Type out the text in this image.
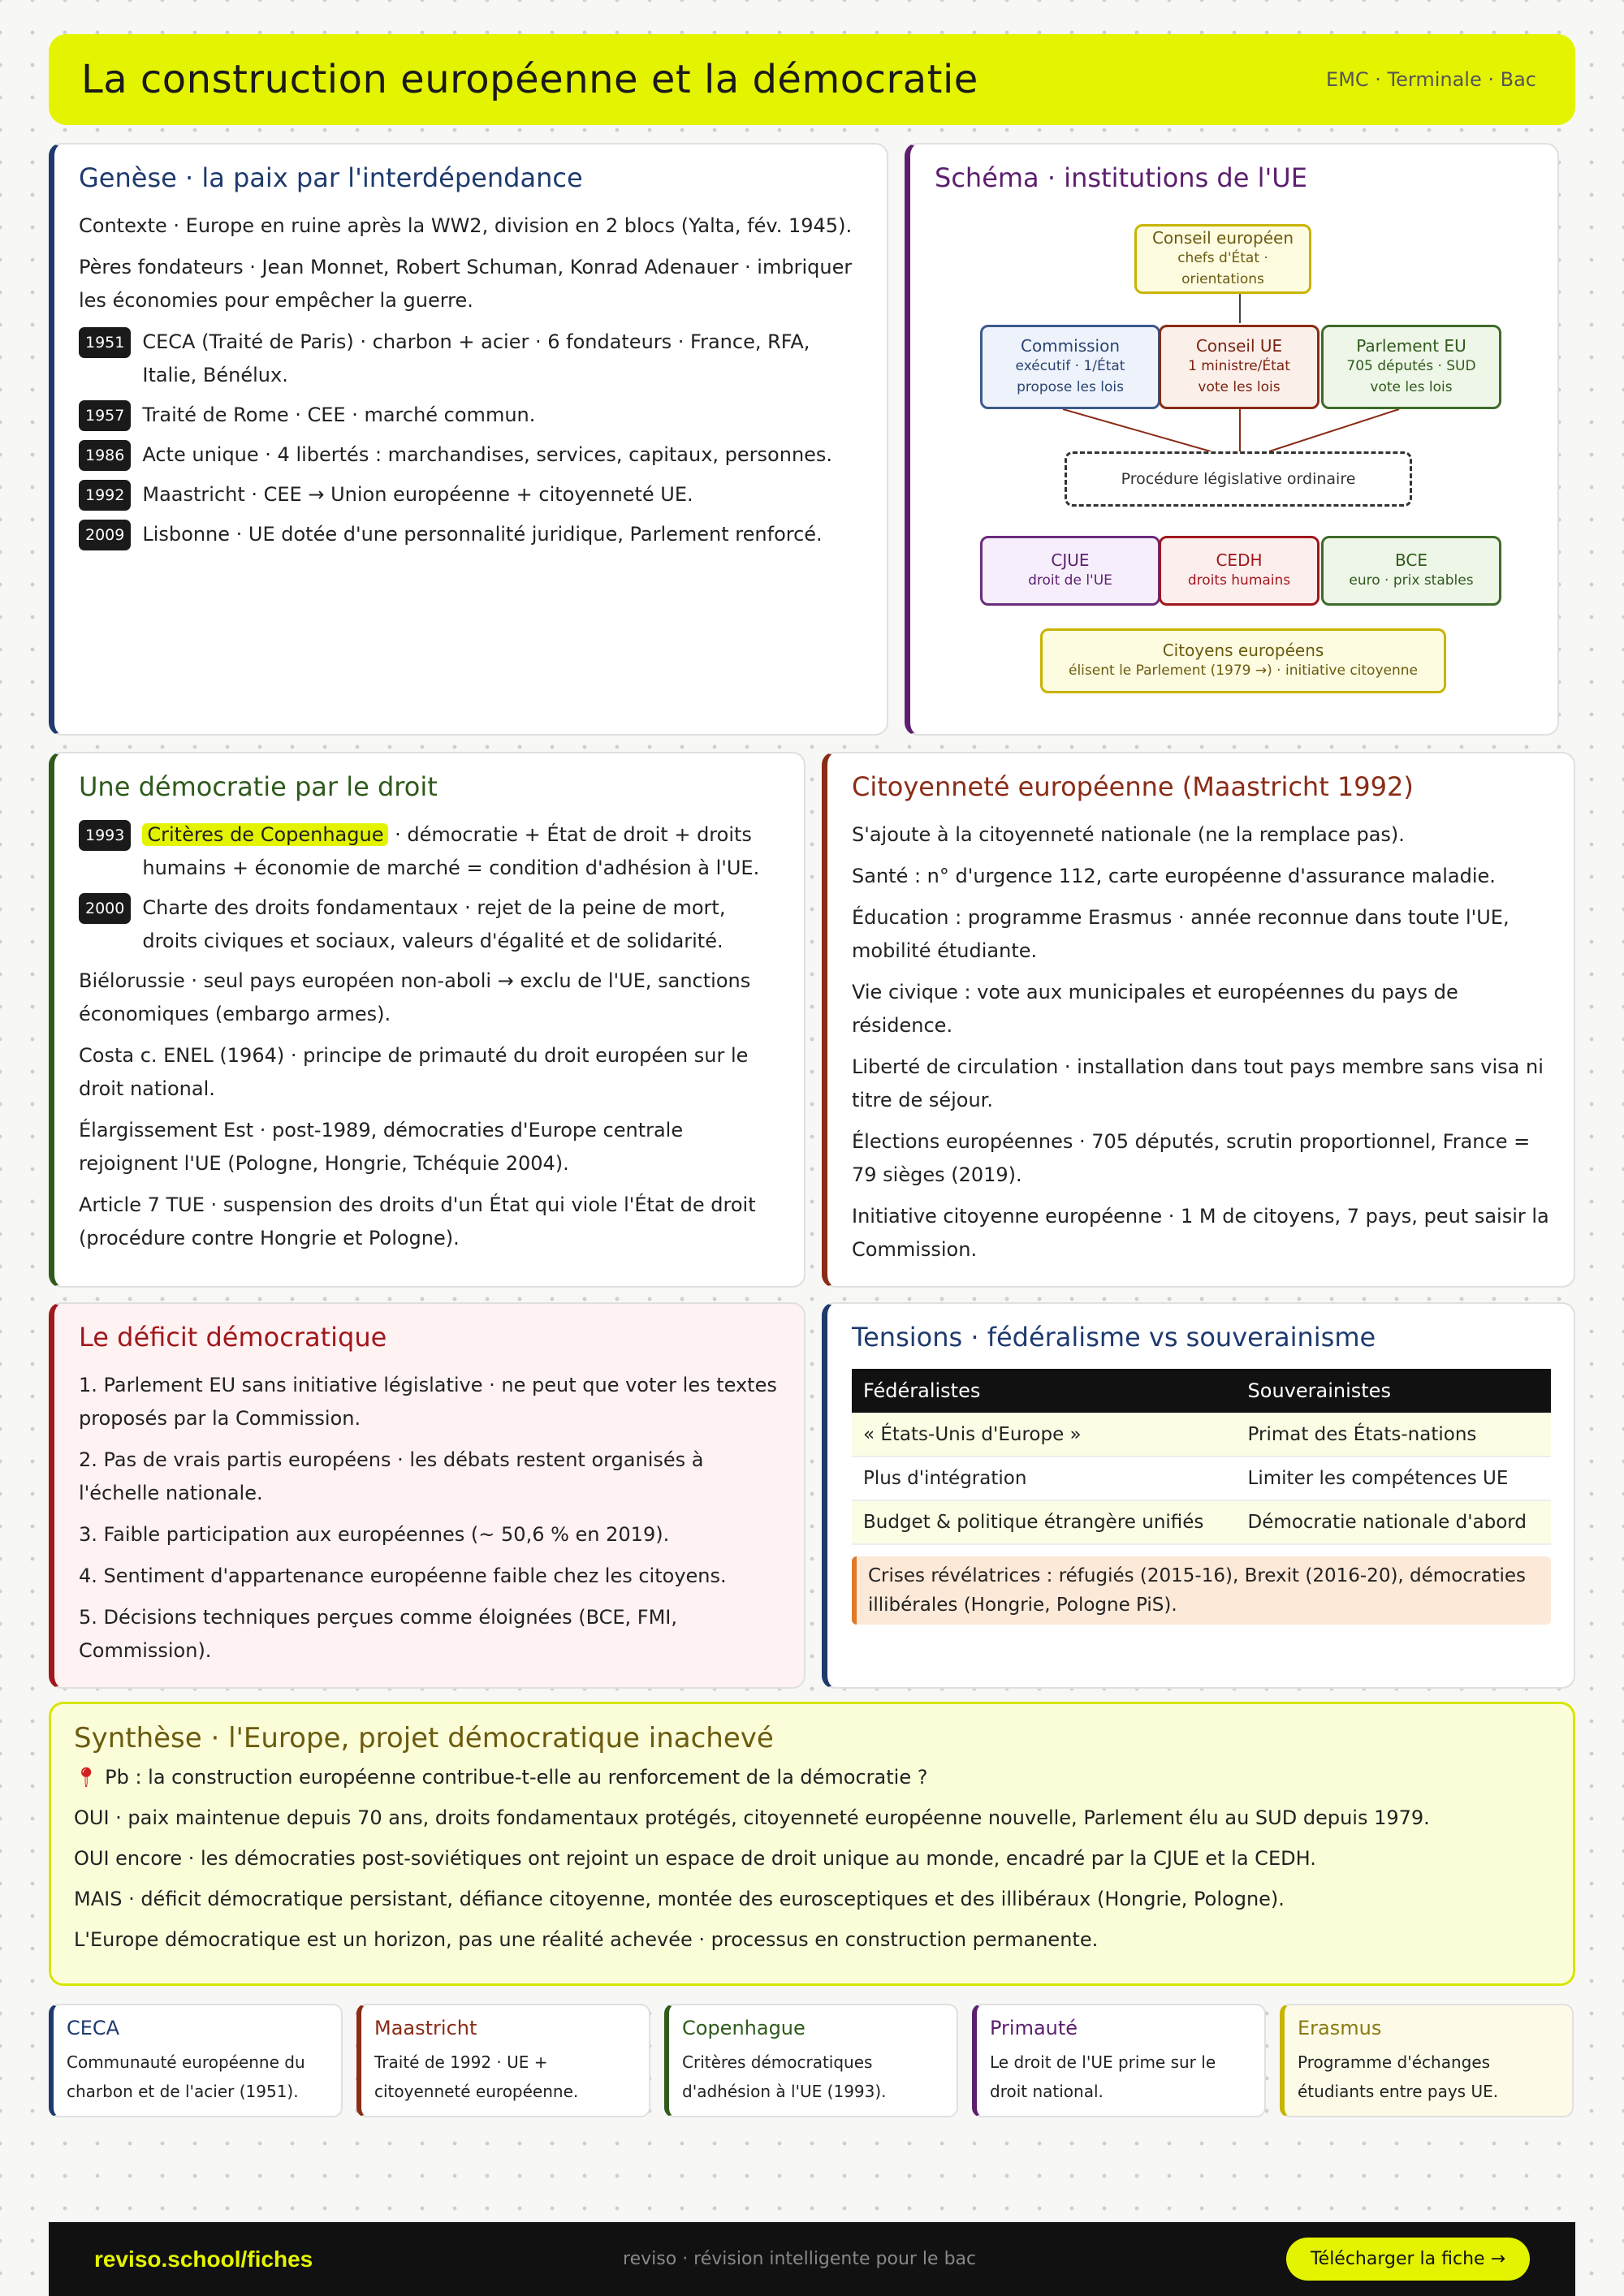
La construction européenne et la démocratie	EMC · Terminale · Bac
Genèse · la paix par l'interdépendance
Contexte · Europe en ruine après la WW2, division en 2 blocs (Yalta, fév. 1945).
Pères fondateurs · Jean Monnet, Robert Schuman, Konrad Adenauer · imbriquer les économies pour empêcher la guerre.
1951 CECA (Traité de Paris) · charbon + acier · 6 fondateurs · France, RFA, Italie, Bénélux.
1957 Traité de Rome · CEE · marché commun.
1986 Acte unique · 4 libertés : marchandises, services, capitaux, personnes.
1992 Maastricht · CEE → Union européenne + citoyenneté UE.
2009 Lisbonne · UE dotée d'une personnalité juridique, Parlement renforcé.
Schéma · institutions de l'UE
Conseil européen
chefs d'État · orientations
Commission
exécutif · 1/État
propose les lois
Conseil UE
1 ministre/État
vote les lois
Parlement EU
705 députés · SUD
vote les lois
Procédure législative ordinaire
CJUE
droit de l'UE
CEDH
droits humains
BCE
euro · prix stables
Citoyens européens
élisent le Parlement (1979 →) · initiative citoyenne
Une démocratie par le droit
1993	Critères de Copenhague · démocratie + État de droit + droits humains + économie de marché = condition d'adhésion à l'UE.
2000 Charte des droits fondamentaux · rejet de la peine de mort, droits civiques et sociaux, valeurs d'égalité et de solidarité.
Biélorussie · seul pays européen non-aboli → exclu de l'UE, sanctions économiques (embargo armes).
Costa c. ENEL (1964) · principe de primauté du droit européen sur le droit national.
Élargissement Est · post-1989, démocraties d'Europe centrale rejoignent l'UE (Pologne, Hongrie, Tchéquie 2004).
Article 7 TUE · suspension des droits d'un État qui viole l'État de droit (procédure contre Hongrie et Pologne).
Citoyenneté européenne (Maastricht 1992)
S'ajoute à la citoyenneté nationale (ne la remplace pas).
Santé : n° d'urgence 112, carte européenne d'assurance maladie.
Éducation : programme Erasmus · année reconnue dans toute l'UE, mobilité étudiante.
Vie civique : vote aux municipales et européennes du pays de résidence.
Liberté de circulation · installation dans tout pays membre sans visa ni titre de séjour.
Élections européennes · 705 députés, scrutin proportionnel, France = 79 sièges (2019).
Initiative citoyenne européenne · 1 M de citoyens, 7 pays, peut saisir la Commission.
Le déficit démocratique
1. Parlement EU sans initiative législative · ne peut que voter les textes proposés par la Commission.
2. Pas de vrais partis européens · les débats restent organisés à l'échelle nationale.
3. Faible participation aux européennes (~ 50,6 % en 2019).
4. Sentiment d'appartenance européenne faible chez les citoyens.
5. Décisions techniques perçues comme éloignées (BCE, FMI, Commission).
Tensions · fédéralisme vs souverainisme
Fédéralistes	Souverainistes
« États-Unis d'Europe »	Primat des États-nations
Plus d'intégration	Limiter les compétences UE
Budget & politique étrangère unifiés	Démocratie nationale d'abord
Crises révélatrices : réfugiés (2015-16), Brexit (2016-20), démocraties illibérales (Hongrie, Pologne PiS).
Synthèse · l'Europe, projet démocratique inachevé
📍︎ Pb : la construction européenne contribue-t-elle au renforcement de la démocratie ?
OUI · paix maintenue depuis 70 ans, droits fondamentaux protégés, citoyenneté européenne nouvelle, Parlement élu au SUD depuis 1979.
OUI encore · les démocraties post-soviétiques ont rejoint un espace de droit unique au monde, encadré par la CJUE et la CEDH.
MAIS · déficit démocratique persistant, défiance citoyenne, montée des eurosceptiques et des illibéraux (Hongrie, Pologne).
L'Europe démocratique est un horizon, pas une réalité achevée · processus en construction permanente.
CECA
Communauté européenne du charbon et de l'acier (1951).
Maastricht
Traité de 1992 · UE + citoyenneté européenne.
Copenhague
Critères démocratiques d'adhésion à l'UE (1993).
Primauté
Le droit de l'UE prime sur le droit national.
Erasmus
Programme d'échanges étudiants entre pays UE.
reviso.school/fiches	reviso · révision intelligente pour le bac	Télécharger la fiche →
